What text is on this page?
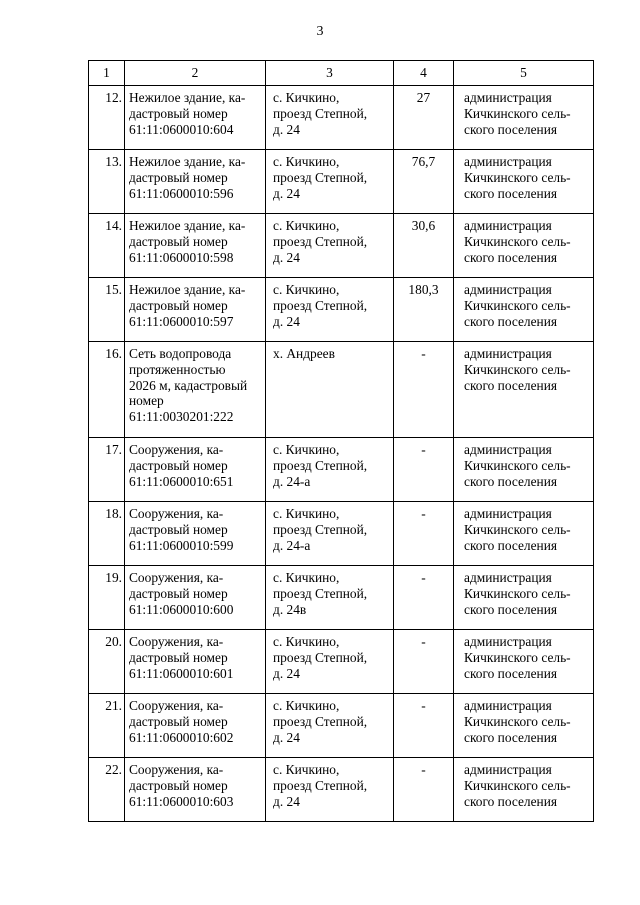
3
1	2	3	4	5

12.	Нежилое здание, ка-
дастровый номер
61:11:0600010:604	с. Кичкино,
проезд Степной,
д. 24	27	администрация
Кичкинского сель-
ского поселения

13.	Нежилое здание, ка-
дастровый номер
61:11:0600010:596	с. Кичкино,
проезд Степной,
д. 24	76,7	администрация
Кичкинского сель-
ского поселения

14.	Нежилое здание, ка-
дастровый номер
61:11:0600010:598	с. Кичкино,
проезд Степной,
д. 24	30,6	администрация
Кичкинского сель-
ского поселения

15.	Нежилое здание, ка-
дастровый номер
61:11:0600010:597	с. Кичкино,
проезд Степной,
д. 24	180,3	администрация
Кичкинского сель-
ского поселения

16.	Сеть водопровода
протяженностью
2026 м, кадастровый
номер
61:11:0030201:222	х. Андреев	-	администрация
Кичкинского сель-
ского поселения

17.	Сооружения, ка-
дастровый номер
61:11:0600010:651	с. Кичкино,
проезд Степной,
д. 24-а	-	администрация
Кичкинского сель-
ского поселения

18.	Сооружения, ка-
дастровый номер
61:11:0600010:599	с. Кичкино,
проезд Степной,
д. 24-а	-	администрация
Кичкинского сель-
ского поселения

19.	Сооружения, ка-
дастровый номер
61:11:0600010:600	с. Кичкино,
проезд Степной,
д. 24в	-	администрация
Кичкинского сель-
ского поселения

20.	Сооружения, ка-
дастровый номер
61:11:0600010:601	с. Кичкино,
проезд Степной,
д. 24	-	администрация
Кичкинского сель-
ского поселения

21.	Сооружения, ка-
дастровый номер
61:11:0600010:602	с. Кичкино,
проезд Степной,
д. 24	-	администрация
Кичкинского сель-
ского поселения

22.	Сооружения, ка-
дастровый номер
61:11:0600010:603	с. Кичкино,
проезд Степной,
д. 24	-	администрация
Кичкинского сель-
ского поселения
